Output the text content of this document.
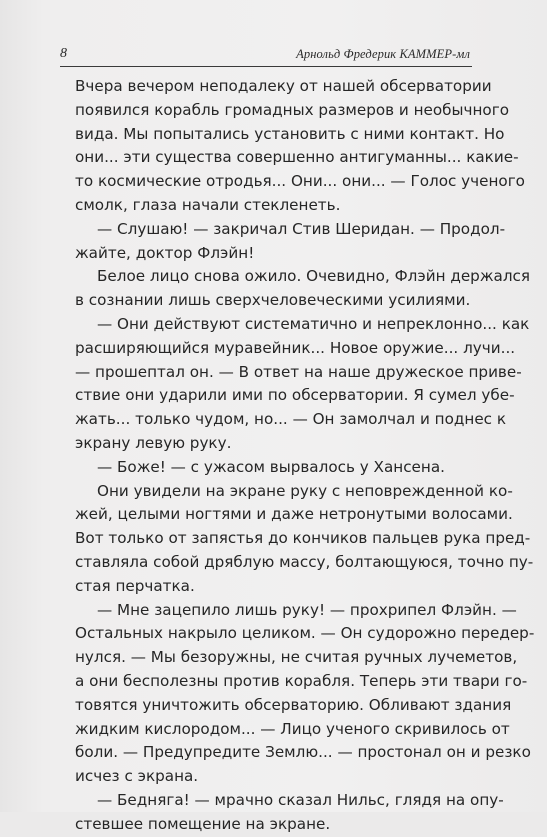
8	Арнольд Фредерик КАММЕР-мл
Вчера вечером неподалеку от нашей обсерватории
появился корабль громадных размеров и необычного
вида. Мы попытались установить с ними контакт. Но
они... эти существа совершенно антигуманны... какие-
то космические отродья... Они... они... — Голос ученого
смолк, глаза начали стекленеть.
— Слушаю! — закричал Стив Шеридан. — Продол-
жайте, доктор Флэйн!
Белое лицо снова ожило. Очевидно, Флэйн держался
в сознании лишь сверхчеловеческими усилиями.
— Они действуют систематично и непреклонно... как
расширяющийся муравейник... Новое оружие... лучи...
— прошептал он. — В ответ на наше дружеское приве-
ствие они ударили ими по обсерватории. Я сумел убе-
жать... только чудом, но... — Он замолчал и поднес к
экрану левую руку.
— Боже! — с ужасом вырвалось у Хансена.
Они увидели на экране руку с неповрежденной ко-
жей, целыми ногтями и даже нетронутыми волосами.
Вот только от запястья до кончиков пальцев рука пред-
ставляла собой дряблую массу, болтающуюся, точно пу-
стая перчатка.
— Мне зацепило лишь руку! — прохрипел Флэйн. —
Остальных накрыло целиком. — Он судорожно передер-
нулся. — Мы безоружны, не считая ручных лучеметов,
а они бесполезны против корабля. Теперь эти твари го-
товятся уничтожить обсерваторию. Обливают здания
жидким кислородом... — Лицо ученого скривилось от
боли. — Предупредите Землю... — простонал он и резко
исчез с экрана.
— Бедняга! — мрачно сказал Нильс, глядя на опу-
стевшее помещение на экране.
